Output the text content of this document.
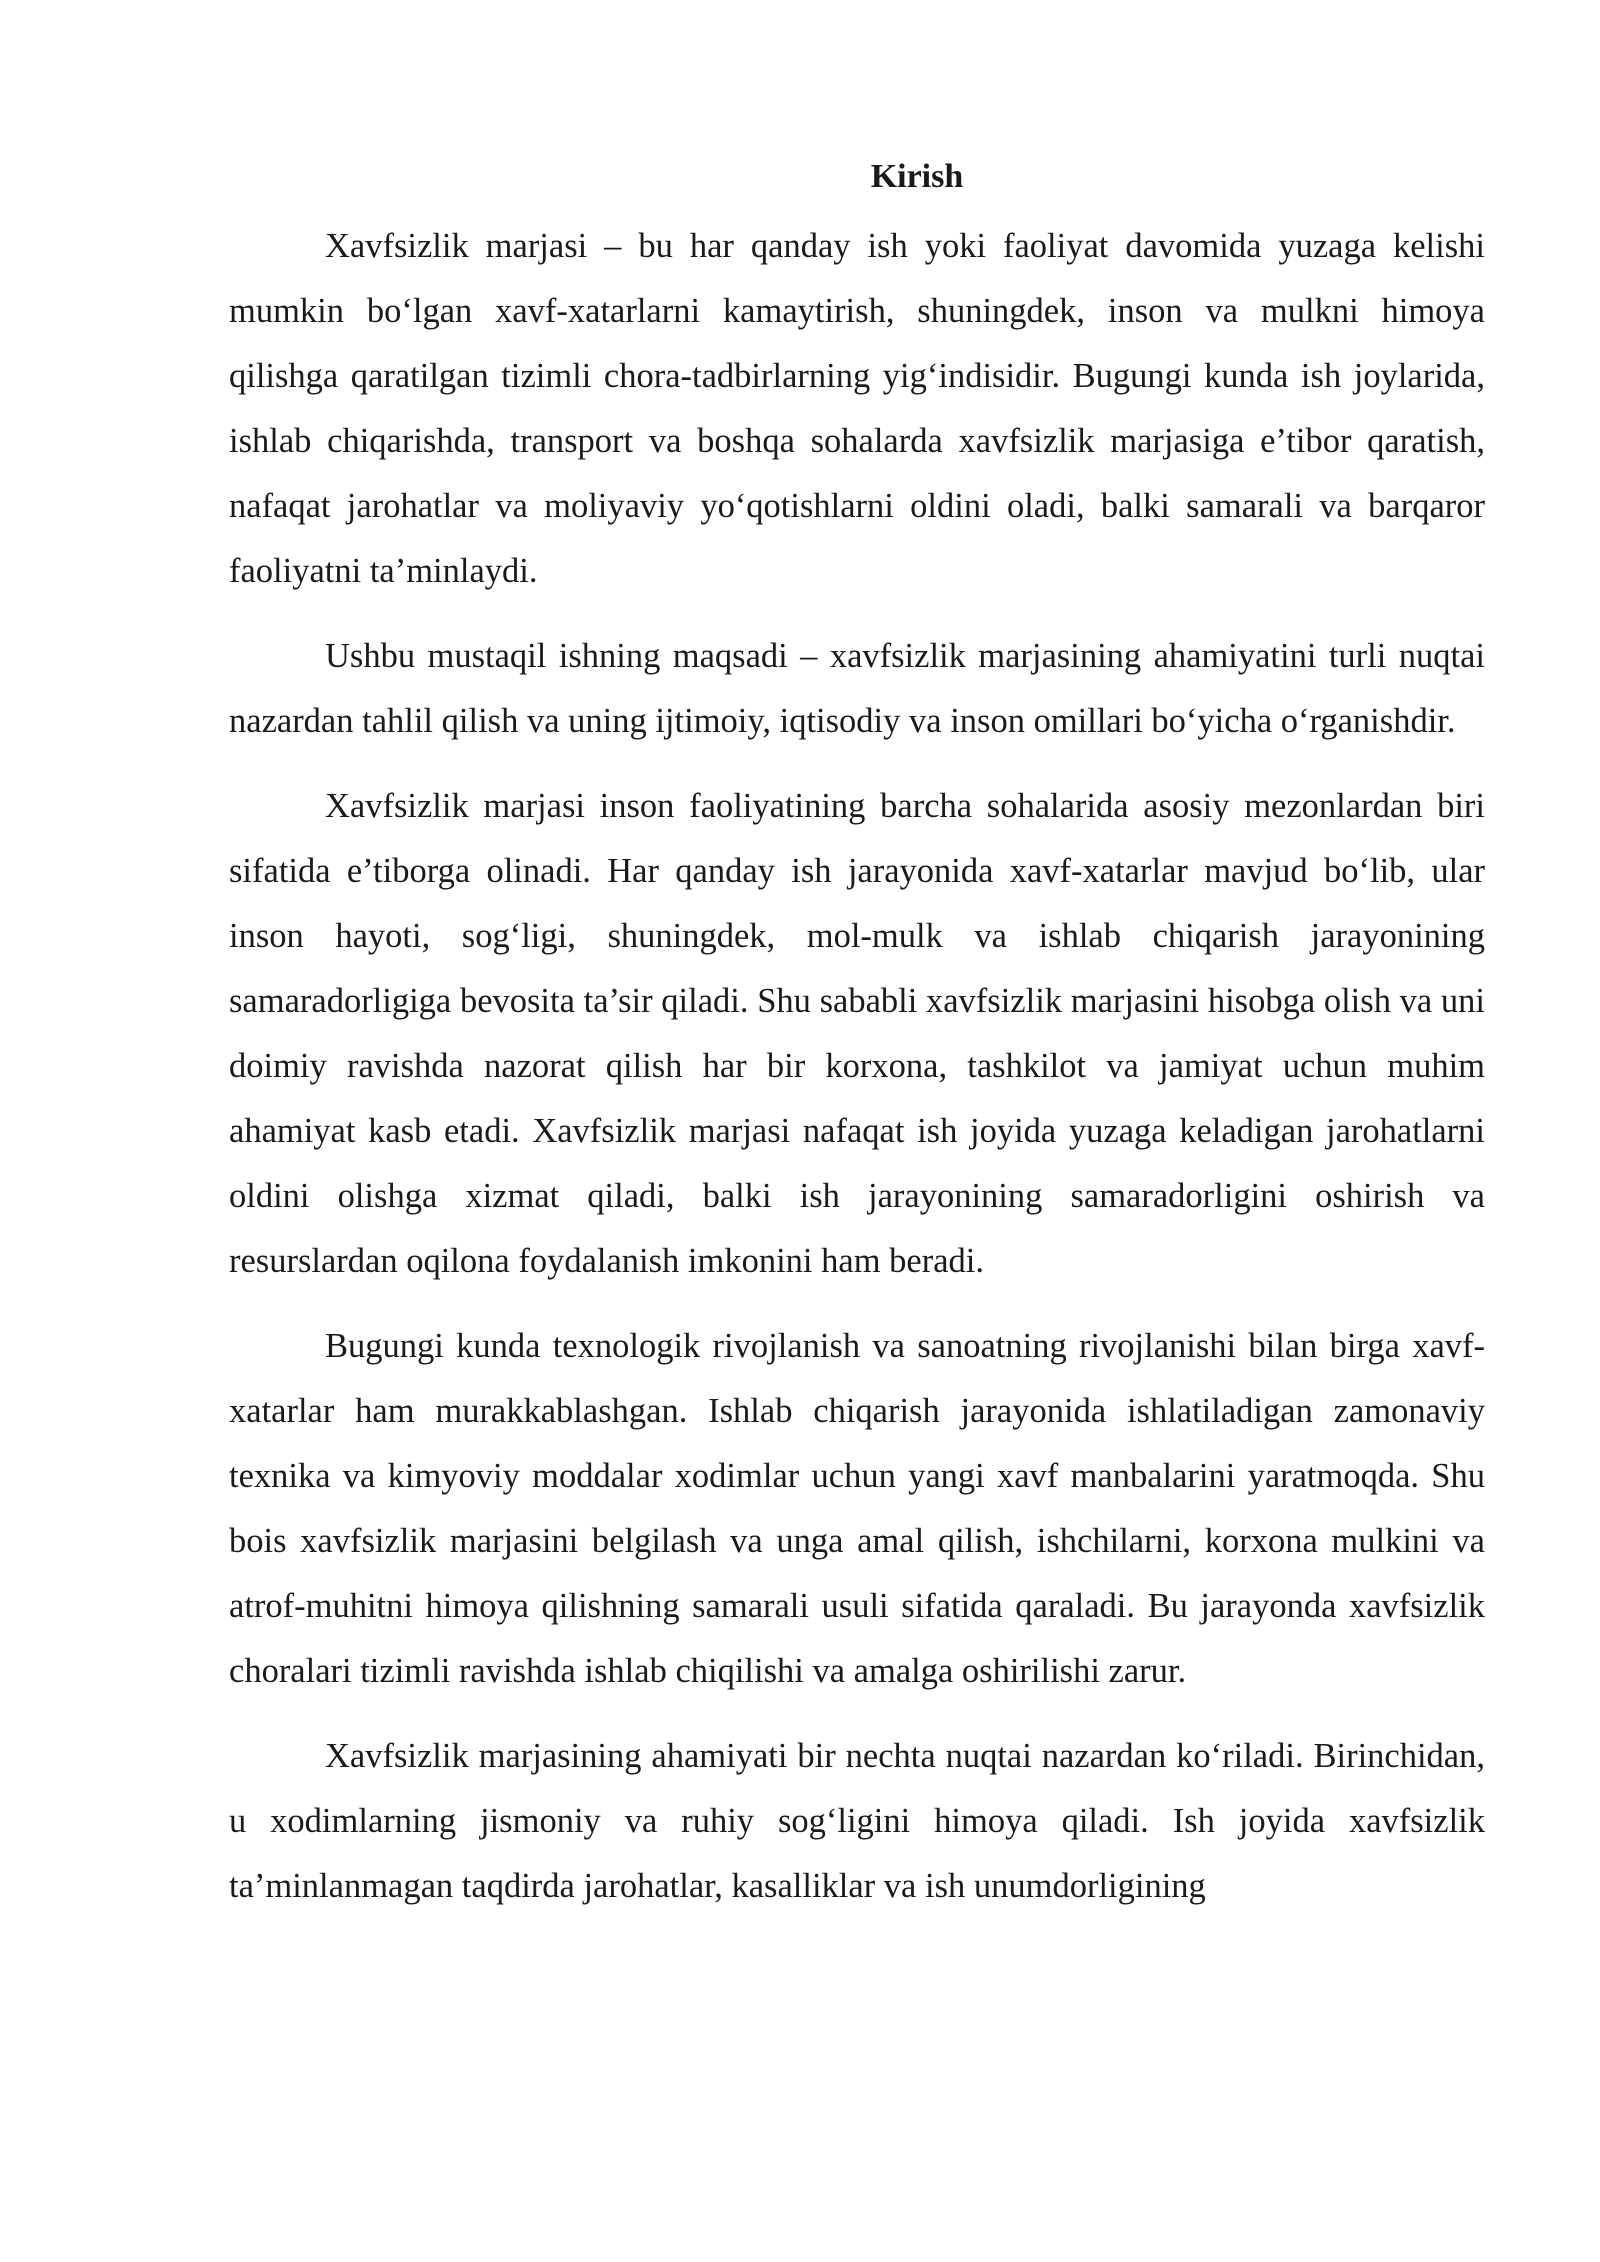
Kirish

Xavfsizlik marjasi – bu har qanday ish yoki faoliyat davomida yuzaga kelishi mumkin bo‘lgan xavf-xatarlarni kamaytirish, shuningdek, inson va mulkni himoya qilishga qaratilgan tizimli chora-tadbirlarning yig‘indisidir. Bugungi kunda ish joylarida, ishlab chiqarishda, transport va boshqa sohalarda xavfsizlik marjasiga e’tibor qaratish, nafaqat jarohatlar va moliyaviy yo‘qotishlarni oldini oladi, balki samarali va barqaror faoliyatni ta’minlaydi.

Ushbu mustaqil ishning maqsadi – xavfsizlik marjasining ahamiyatini turli nuqtai nazardan tahlil qilish va uning ijtimoiy, iqtisodiy va inson omillari bo‘yicha o‘rganishdir.

Xavfsizlik marjasi inson faoliyatining barcha sohalarida asosiy mezonlardan biri sifatida e’tiborga olinadi. Har qanday ish jarayonida xavf-xatarlar mavjud bo‘lib, ular inson hayoti, sog‘ligi, shuningdek, mol-mulk va ishlab chiqarish jarayonining samaradorligiga bevosita ta’sir qiladi. Shu sababli xavfsizlik marjasini hisobga olish va uni doimiy ravishda nazorat qilish har bir korxona, tashkilot va jamiyat uchun muhim ahamiyat kasb etadi. Xavfsizlik marjasi nafaqat ish joyida yuzaga keladigan jarohatlarni oldini olishga xizmat qiladi, balki ish jarayonining samaradorligini oshirish va resurslardan oqilona foydalanish imkonini ham beradi.

Bugungi kunda texnologik rivojlanish va sanoatning rivojlanishi bilan birga xavf-xatarlar ham murakkablashgan. Ishlab chiqarish jarayonida ishlatiladigan zamonaviy texnika va kimyoviy moddalar xodimlar uchun yangi xavf manbalarini yaratmoqda. Shu bois xavfsizlik marjasini belgilash va unga amal qilish, ishchilarni, korxona mulkini va atrof-muhitni himoya qilishning samarali usuli sifatida qaraladi. Bu jarayonda xavfsizlik choralari tizimli ravishda ishlab chiqilishi va amalga oshirilishi zarur.

Xavfsizlik marjasining ahamiyati bir nechta nuqtai nazardan ko‘riladi. Birinchidan, u xodimlarning jismoniy va ruhiy sog‘ligini himoya qiladi. Ish joyida xavfsizlik ta’minlanmagan taqdirda jarohatlar, kasalliklar va ish unumdorligining
